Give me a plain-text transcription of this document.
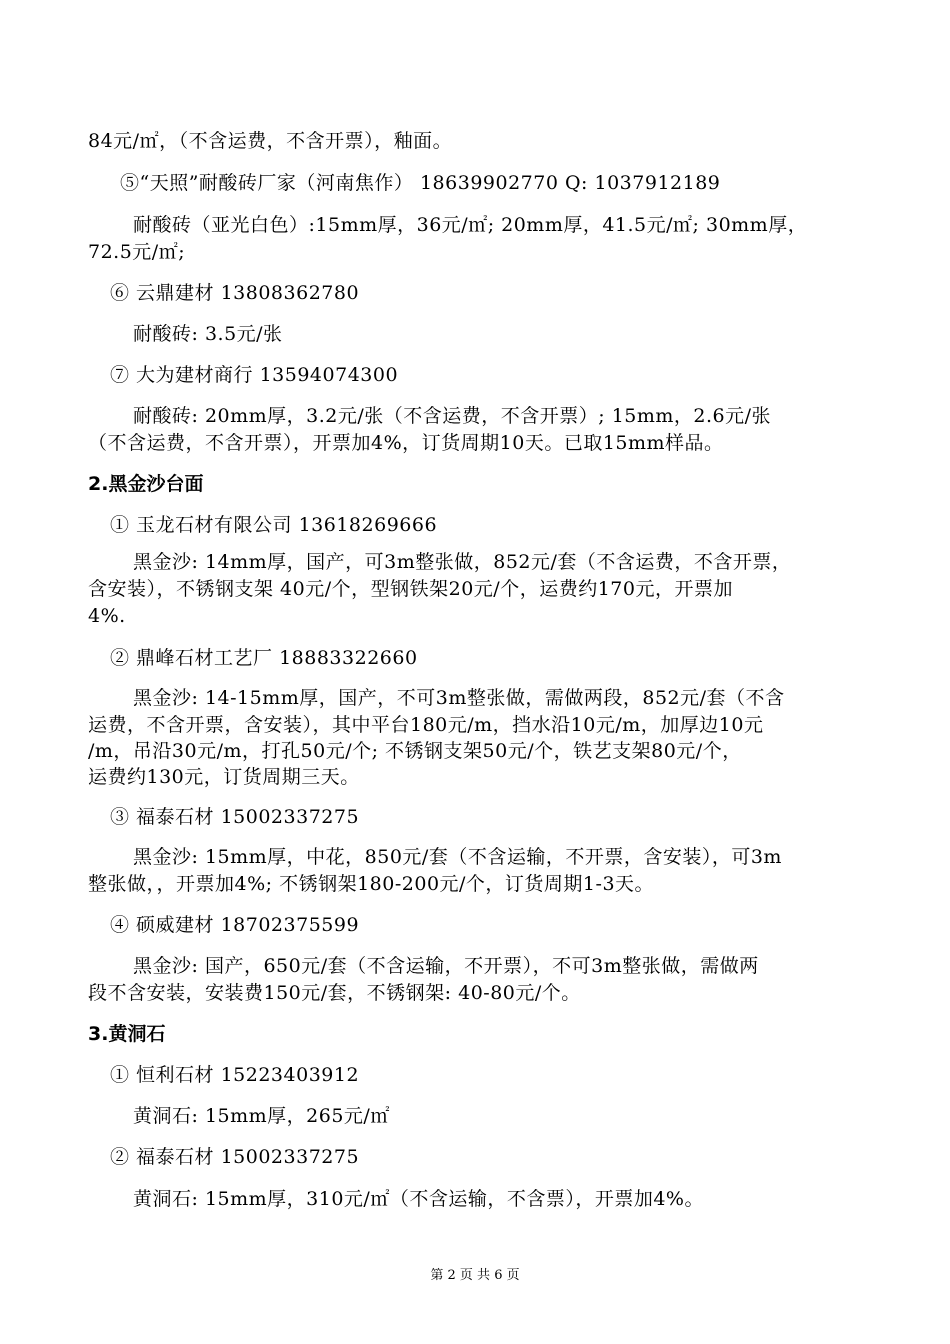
84元/㎡，（不含运费，不含开票），釉面。
⑤“天照”耐酸砖厂家（河南焦作） 18639902770 Q: 1037912189
耐酸砖（亚光白色）:15mm厚，36元/㎡; 20mm厚，41.5元/㎡; 30mm厚，
72.5元/㎡;
⑥ 云鼎建材 13808362780
耐酸砖: 3.5元/张
⑦ 大为建材商行 13594074300
耐酸砖: 20mm厚，3.2元/张（不含运费，不含开票）; 15mm，2.6元/张
（不含运费，不含开票），开票加4%，订货周期10天。已取15mm样品。
2.黑金沙台面
① 玉龙石材有限公司 13618269666
黑金沙: 14mm厚，国产，可3m整张做，852元/套（不含运费，不含开票，
含安装），不锈钢支架 40元/个，型钢铁架20元/个，运费约170元，开票加
4%.
② 鼎峰石材工艺厂 18883322660
黑金沙: 14-15mm厚，国产，不可3m整张做，需做两段，852元/套（不含
运费，不含开票，含安装），其中平台180元/m，挡水沿10元/m，加厚边10元
/m，吊沿30元/m，打孔50元/个; 不锈钢支架50元/个，铁艺支架80元/个，
运费约130元，订货周期三天。
③ 福泰石材 15002337275
黑金沙: 15mm厚，中花，850元/套（不含运输，不开票，含安装），可3m
整张做，，开票加4%; 不锈钢架180-200元/个，订货周期1-3天。
④ 硕威建材 18702375599
黑金沙: 国产，650元/套（不含运输，不开票），不可3m整张做，需做两
段不含安装，安装费150元/套，不锈钢架: 40-80元/个。
3.黄洞石
① 恒利石材 15223403912
黄洞石: 15mm厚，265元/㎡
② 福泰石材 15002337275
黄洞石: 15mm厚，310元/㎡（不含运输，不含票），开票加4%。
第 2 页 共 6 页
